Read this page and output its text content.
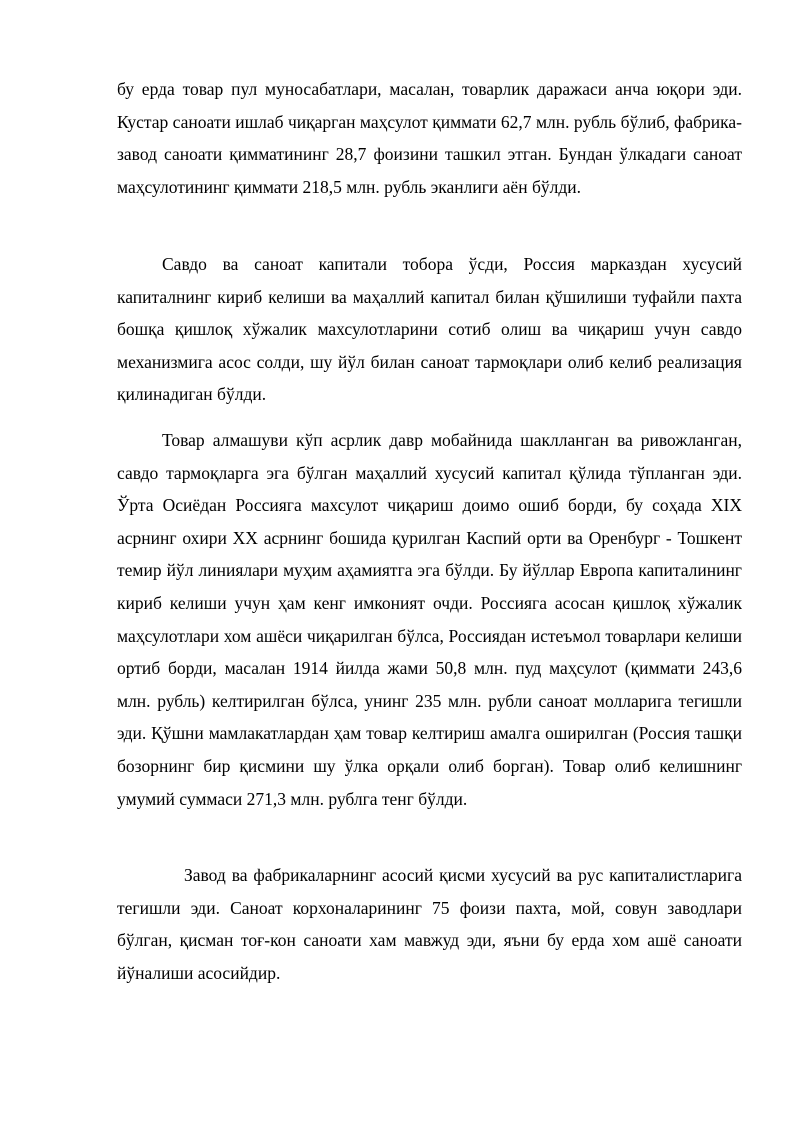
бу ерда товар пул муносабатлари, масалан, товарлик даражаси анча юқори эди. Кустар саноати ишлаб чиқарган маҳсулот қиммати 62,7 млн. рубль бўлиб, фабрика-завод саноати қимматининг 28,7 фоизини ташкил этган. Бундан ўлкадаги саноат маҳсулотининг қиммати 218,5 млн. рубль эканлиги аён бўлди.

Савдо ва саноат капитали тобора ўсди, Россия марказдан хусусий капиталнинг кириб келиши ва маҳаллий капитал билан қўшилиши туфайли пахта бошқа қишлоқ хўжалик махсулотларини сотиб олиш ва чиқариш учун савдо механизмига асос солди, шу йўл билан саноат тармоқлари олиб келиб реализация қилинадиган бўлди.

Товар алмашуви кўп асрлик давр мобайнида шаклланган ва ривожланган, савдо тармоқларга эга бўлган маҳаллий хусусий капитал қўлида тўпланган эди. Ўрта Осиёдан Россияга махсулот чиқариш доимо ошиб борди, бу соҳада XIX асрнинг охири XX асрнинг бошида қурилган Каспий орти ва Оренбург - Тошкент темир йўл линиялари муҳим аҳамиятга эга бўлди. Бу йўллар Европа капиталининг кириб келиши учун ҳам кенг имконият очди. Россияга асосан қишлоқ хўжалик маҳсулотлари хом ашёси чиқарилган бўлса, Россиядан истеъмол товарлари келиши ортиб борди, масалан 1914 йилда жами 50,8 млн. пуд маҳсулот (қиммати 243,6 млн. рубль) келтирилган бўлса, унинг 235 млн. рубли саноат молларига тегишли эди. Қўшни мамлакатлардан ҳам товар келтириш амалга оширилган (Россия ташқи бозорнинг бир қисмини шу ўлка орқали олиб борган). Товар олиб келишнинг умумий суммаси 271,3 млн. рублга тенг бўлди.

Завод ва фабрикаларнинг асосий қисми хусусий ва рус капиталистларига тегишли эди. Саноат корхоналарининг 75 фоизи пахта, мой, совун заводлари бўлган, қисман тоғ-кон саноати хам мавжуд эди, яъни бу ерда хом ашё саноати йўналиши асосийдир.
